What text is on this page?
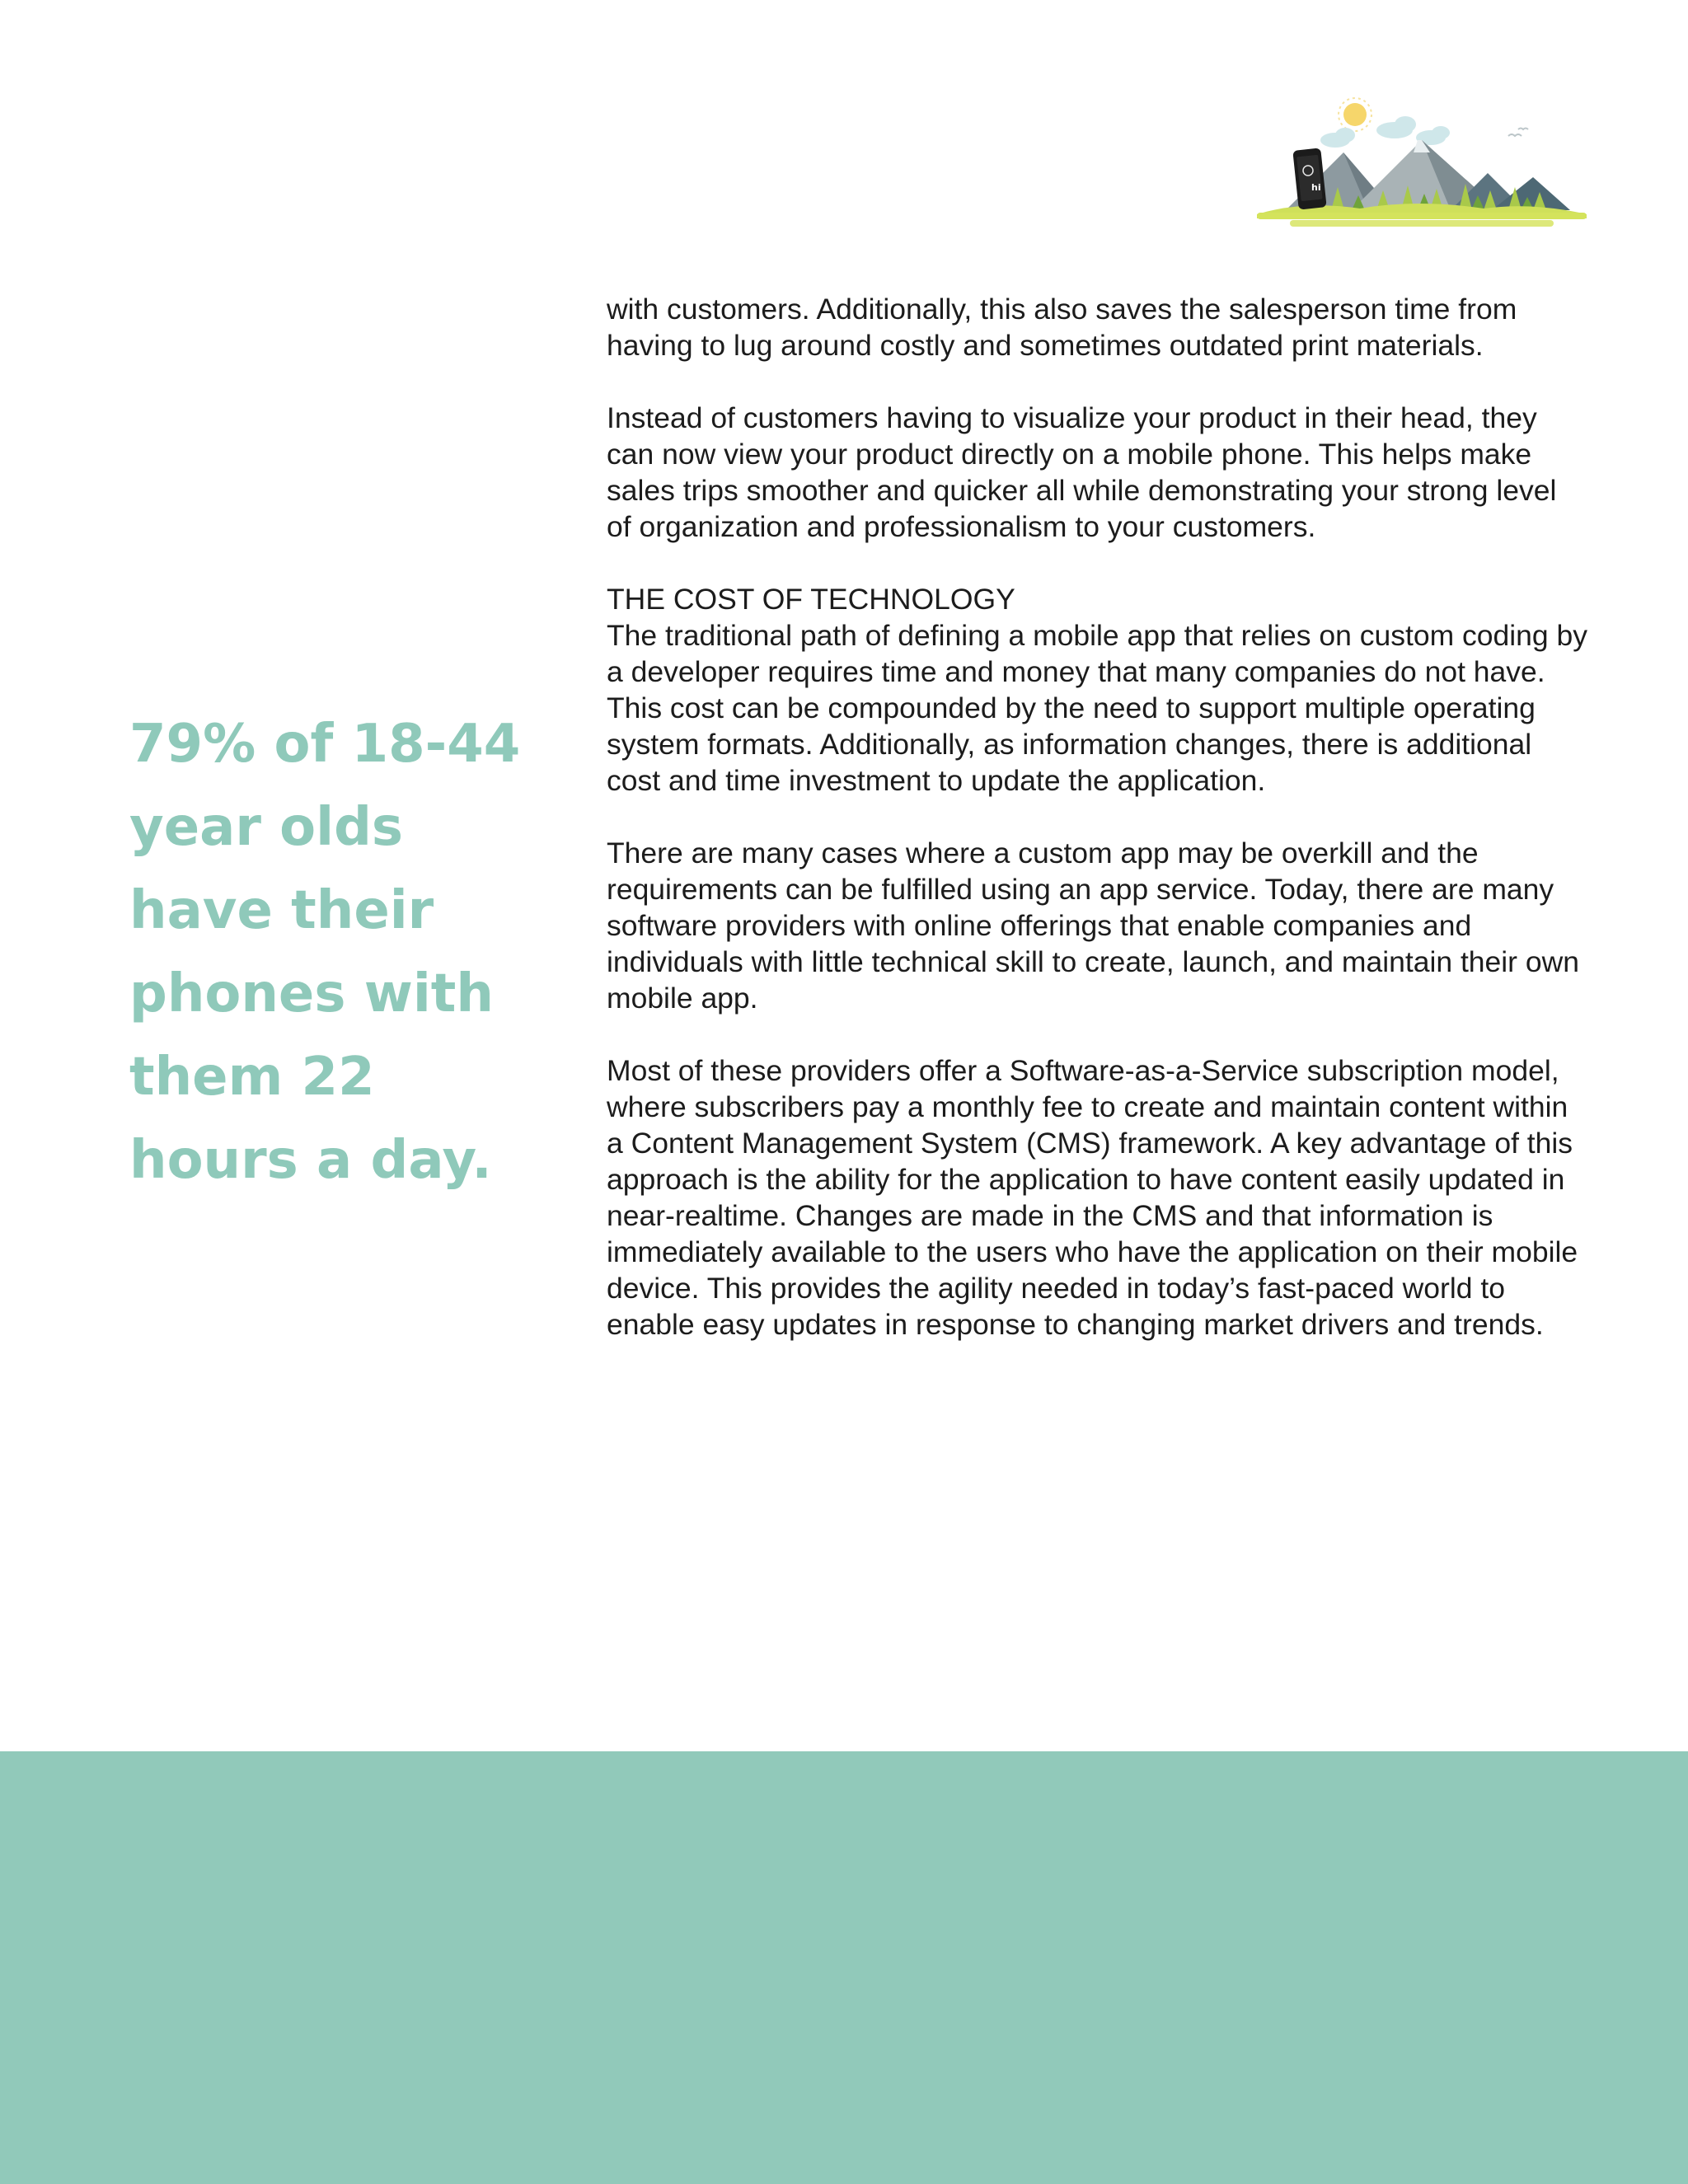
hi

79% of 18-44 year olds have their phones with them 22 hours a day.

with customers. Additionally, this also saves the salesperson time from having to lug around costly and sometimes outdated print materials.

Instead of customers having to visualize your product in their head, they can now view your product directly on a mobile phone. This helps make sales trips smoother and quicker all while demonstrating your strong level of organization and professionalism to your customers.

THE COST OF TECHNOLOGY

The traditional path of defining a mobile app that relies on custom coding by a developer requires time and money that many companies do not have. This cost can be compounded by the need to support multiple operating system formats. Additionally, as information changes, there is additional cost and time investment to update the application.

There are many cases where a custom app may be overkill and the requirements can be fulfilled using an app service. Today, there are many software providers with online offerings that enable companies and individuals with little technical skill to create, launch, and maintain their own mobile app.

Most of these providers offer a Software-as-a-Service subscription model, where subscribers pay a monthly fee to create and maintain content within a Content Management System (CMS) framework. A key advantage of this approach is the ability for the application to have content easily updated in near-realtime. Changes are made in the CMS and that information is immediately available to the users who have the application on their mobile device. This provides the agility needed in today’s fast-paced world to enable easy updates in response to changing market drivers and trends.
